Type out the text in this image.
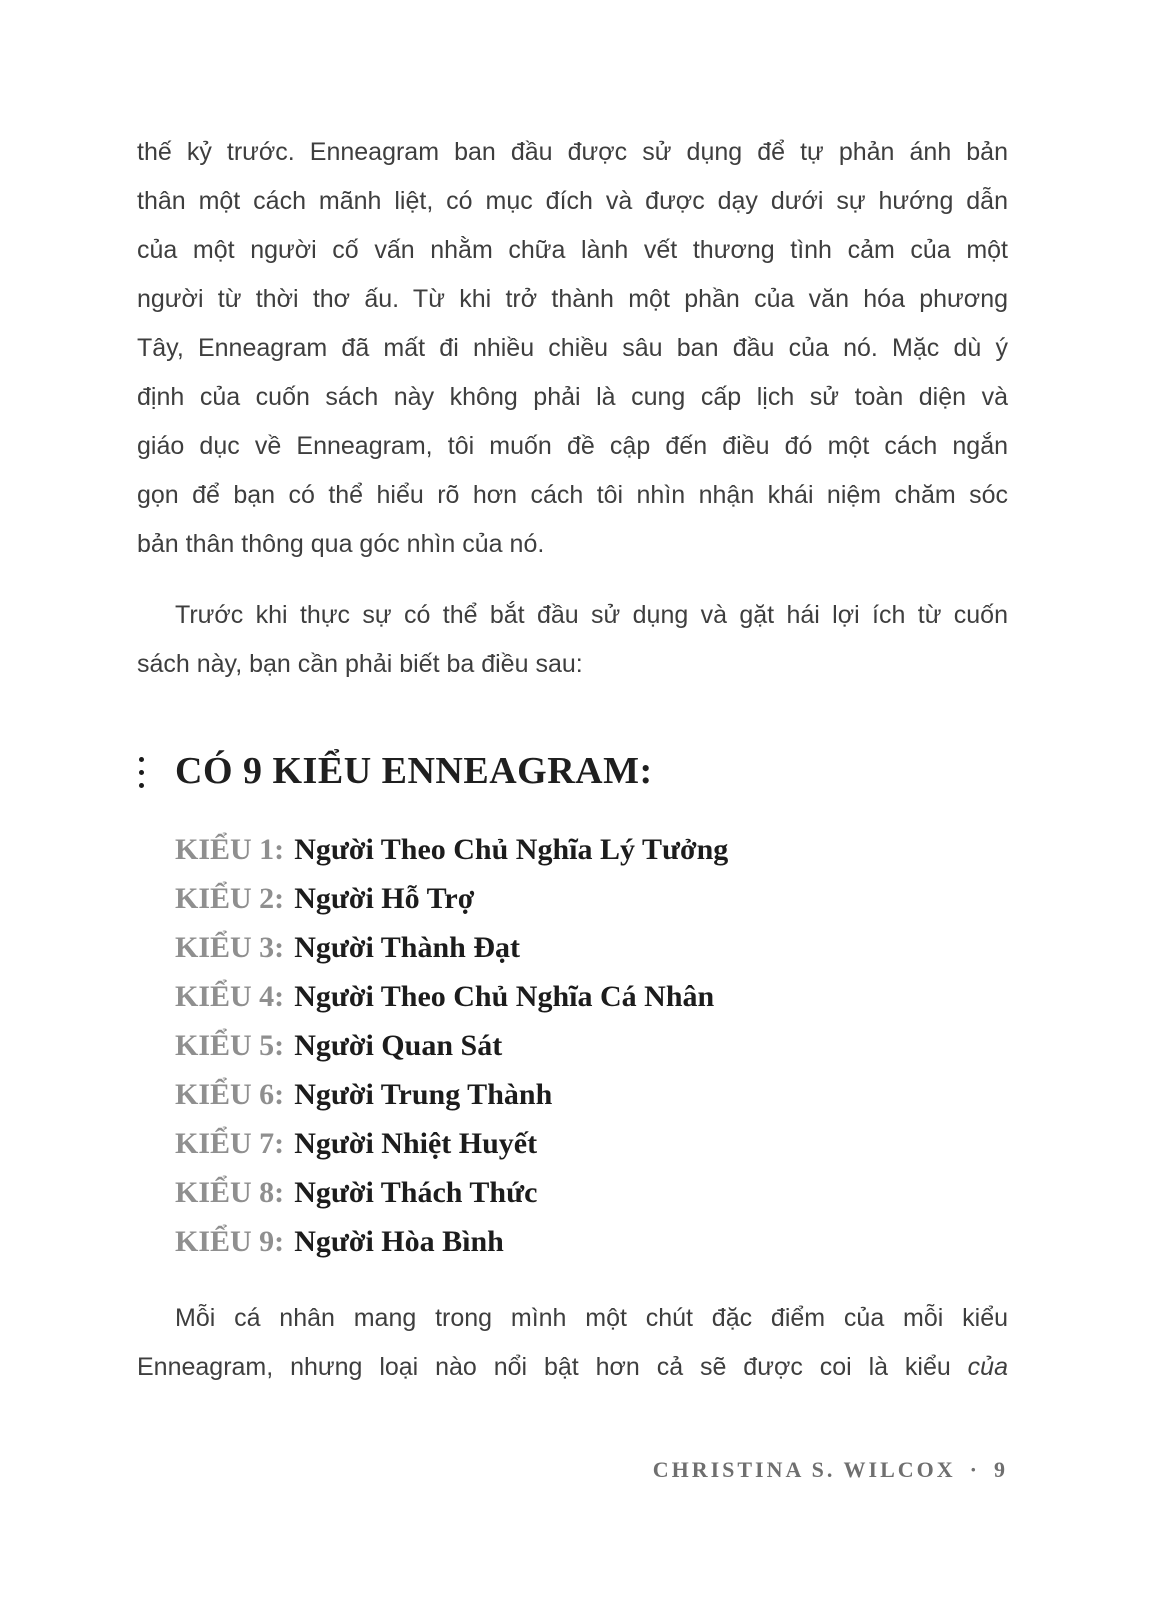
thế kỷ trước. Enneagram ban đầu được sử dụng để tự phản ánh bản
thân một cách mãnh liệt, có mục đích và được dạy dưới sự hướng dẫn
của một người cố vấn nhằm chữa lành vết thương tình cảm của một
người từ thời thơ ấu. Từ khi trở thành một phần của văn hóa phương
Tây, Enneagram đã mất đi nhiều chiều sâu ban đầu của nó. Mặc dù ý
định của cuốn sách này không phải là cung cấp lịch sử toàn diện và
giáo dục về Enneagram, tôi muốn đề cập đến điều đó một cách ngắn
gọn để bạn có thể hiểu rõ hơn cách tôi nhìn nhận khái niệm chăm sóc
bản thân thông qua góc nhìn của nó.
Trước khi thực sự có thể bắt đầu sử dụng và gặt hái lợi ích từ cuốn
sách này, bạn cần phải biết ba điều sau:
CÓ 9 KIỂU ENNEAGRAM:
KIỂU 1: Người Theo Chủ Nghĩa Lý Tưởng
KIỂU 2: Người Hỗ Trợ
KIỂU 3: Người Thành Đạt
KIỂU 4: Người Theo Chủ Nghĩa Cá Nhân
KIỂU 5: Người Quan Sát
KIỂU 6: Người Trung Thành
KIỂU 7: Người Nhiệt Huyết
KIỂU 8: Người Thách Thức
KIỂU 9: Người Hòa Bình
Mỗi cá nhân mang trong mình một chút đặc điểm của mỗi kiểu
Enneagram, nhưng loại nào nổi bật hơn cả sẽ được coi là kiểu của
CHRISTINA S. WILCOX · 9
